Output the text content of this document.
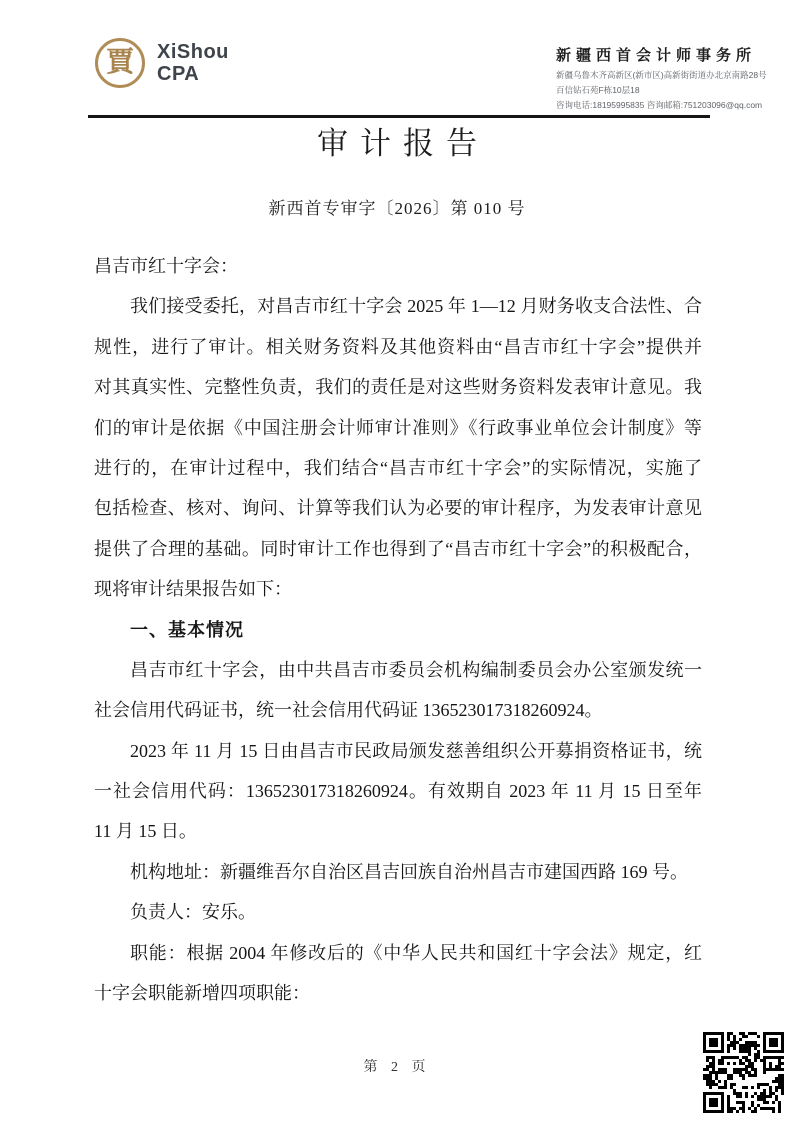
賈 XiShou
CPA
新疆西首会计师事务所
新疆乌鲁木齐高新区(新市区)高新街街道办北京南路28号
百信钻石苑F栋10层18
咨询电话:18195995835 咨询邮箱:751203096@qq.com
审计报告
新西首专审字〔2026〕第 010 号
昌吉市红十字会：
我们接受委托，对昌吉市红十字会 2025 年 1—12 月财务收支合法性、合
规性，进行了审计。相关财务资料及其他资料由“昌吉市红十字会”提供并
对其真实性、完整性负责，我们的责任是对这些财务资料发表审计意见。我
们的审计是依据《中国注册会计师审计准则》《行政事业单位会计制度》等
进行的，在审计过程中，我们结合“昌吉市红十字会”的实际情况，实施了
包括检查、核对、询问、计算等我们认为必要的审计程序，为发表审计意见
提供了合理的基础。同时审计工作也得到了“昌吉市红十字会”的积极配合，
现将审计结果报告如下：
一、基本情况
昌吉市红十字会，由中共昌吉市委员会机构编制委员会办公室颁发统一
社会信用代码证书，统一社会信用代码证 136523017318260924。
2023 年 11 月 15 日由昌吉市民政局颁发慈善组织公开募捐资格证书，统
一社会信用代码：136523017318260924。有效期自 2023 年 11 月 15 日至年
11 月 15 日。
机构地址：新疆维吾尔自治区昌吉回族自治州昌吉市建国西路 169 号。
负责人：安乐。
职能：根据 2004 年修改后的《中华人民共和国红十字会法》规定，红
十字会职能新增四项职能：
第 2 页
